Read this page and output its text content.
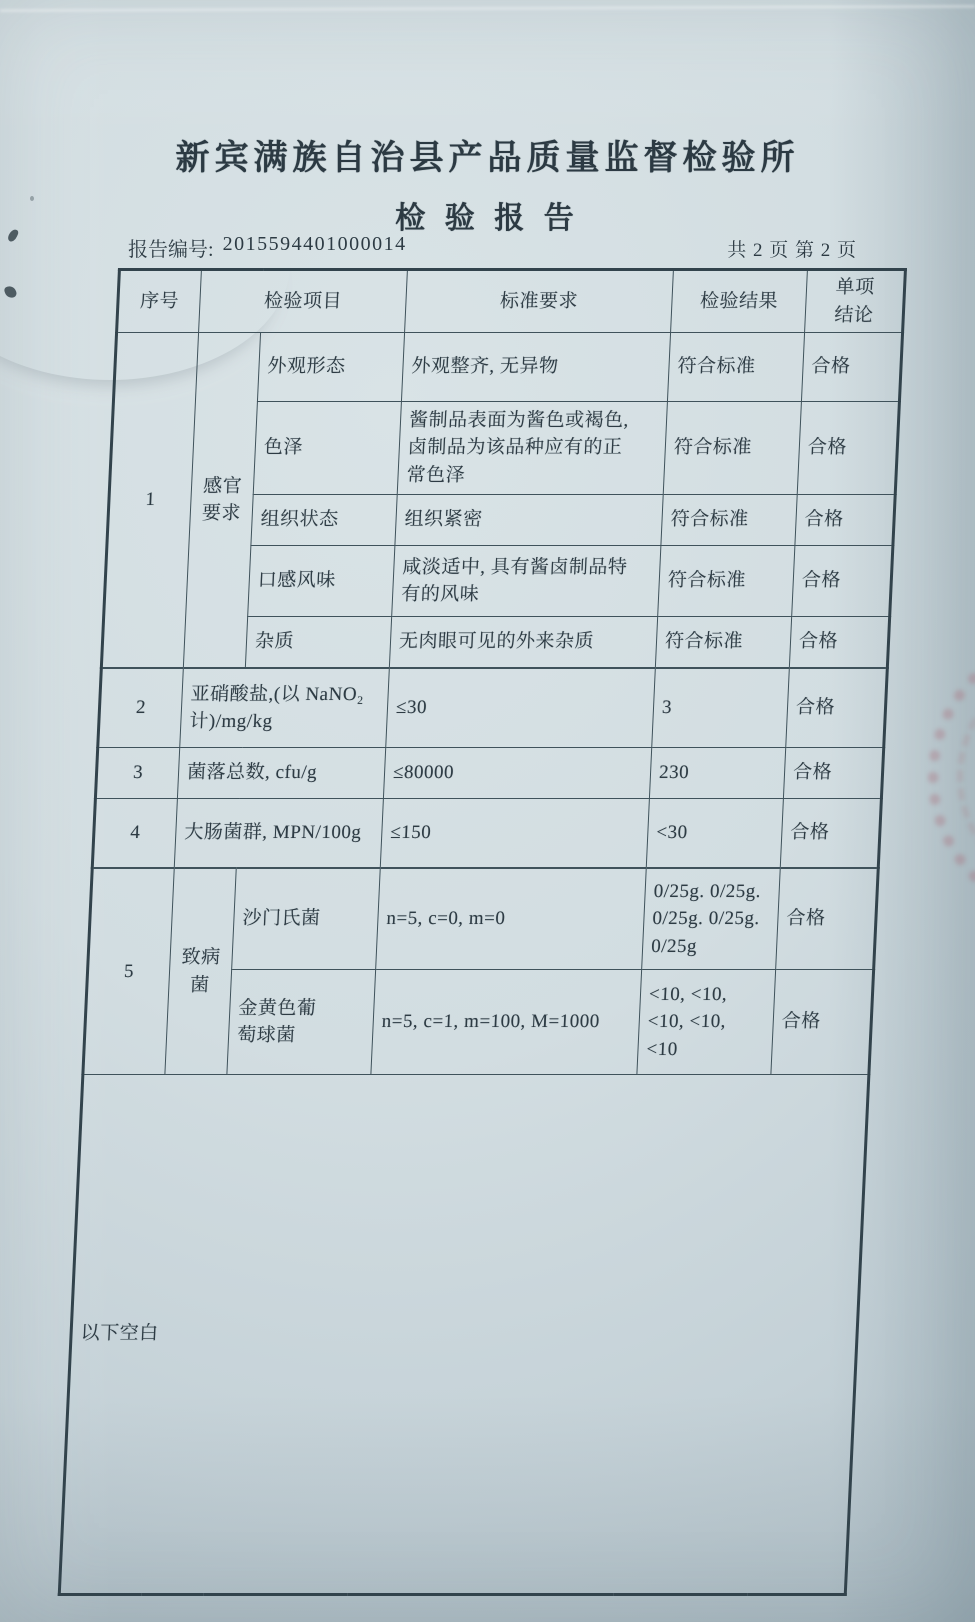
新宾满族自治县产品质量监督检验所
检 验 报 告
报告编号: 2015594401000014	共 2 页 第 2 页
序号	检验项目		标准要求	检验结果	单项
结论
1	感官
要求	外观形态	外观整齐, 无异物	符合标准	合格
		色泽	酱制品表面为酱色或褐色,
卤制品为该品种应有的正
常色泽	符合标准	合格
		组织状态	组织紧密	符合标准	合格
		口感风味	咸淡适中, 具有酱卤制品特
有的风味	符合标准	合格
		杂质	无肉眼可见的外来杂质	符合标准	合格
2	亚硝酸盐,(以 NaNO₂
计)/mg/kg		≤30	3	合格
3	菌落总数, cfu/g		≤80000	230	合格
4	大肠菌群, MPN/100g		≤150	<30	合格
5	致病菌	沙门氏菌	n=5, c=0, m=0	0/25g. 0/25g.
0/25g. 0/25g.
0/25g	合格
		金黄色葡
萄球菌	n=5, c=1, m=100, M=1000	<10, <10,
<10, <10,
<10	合格
以下空白					
